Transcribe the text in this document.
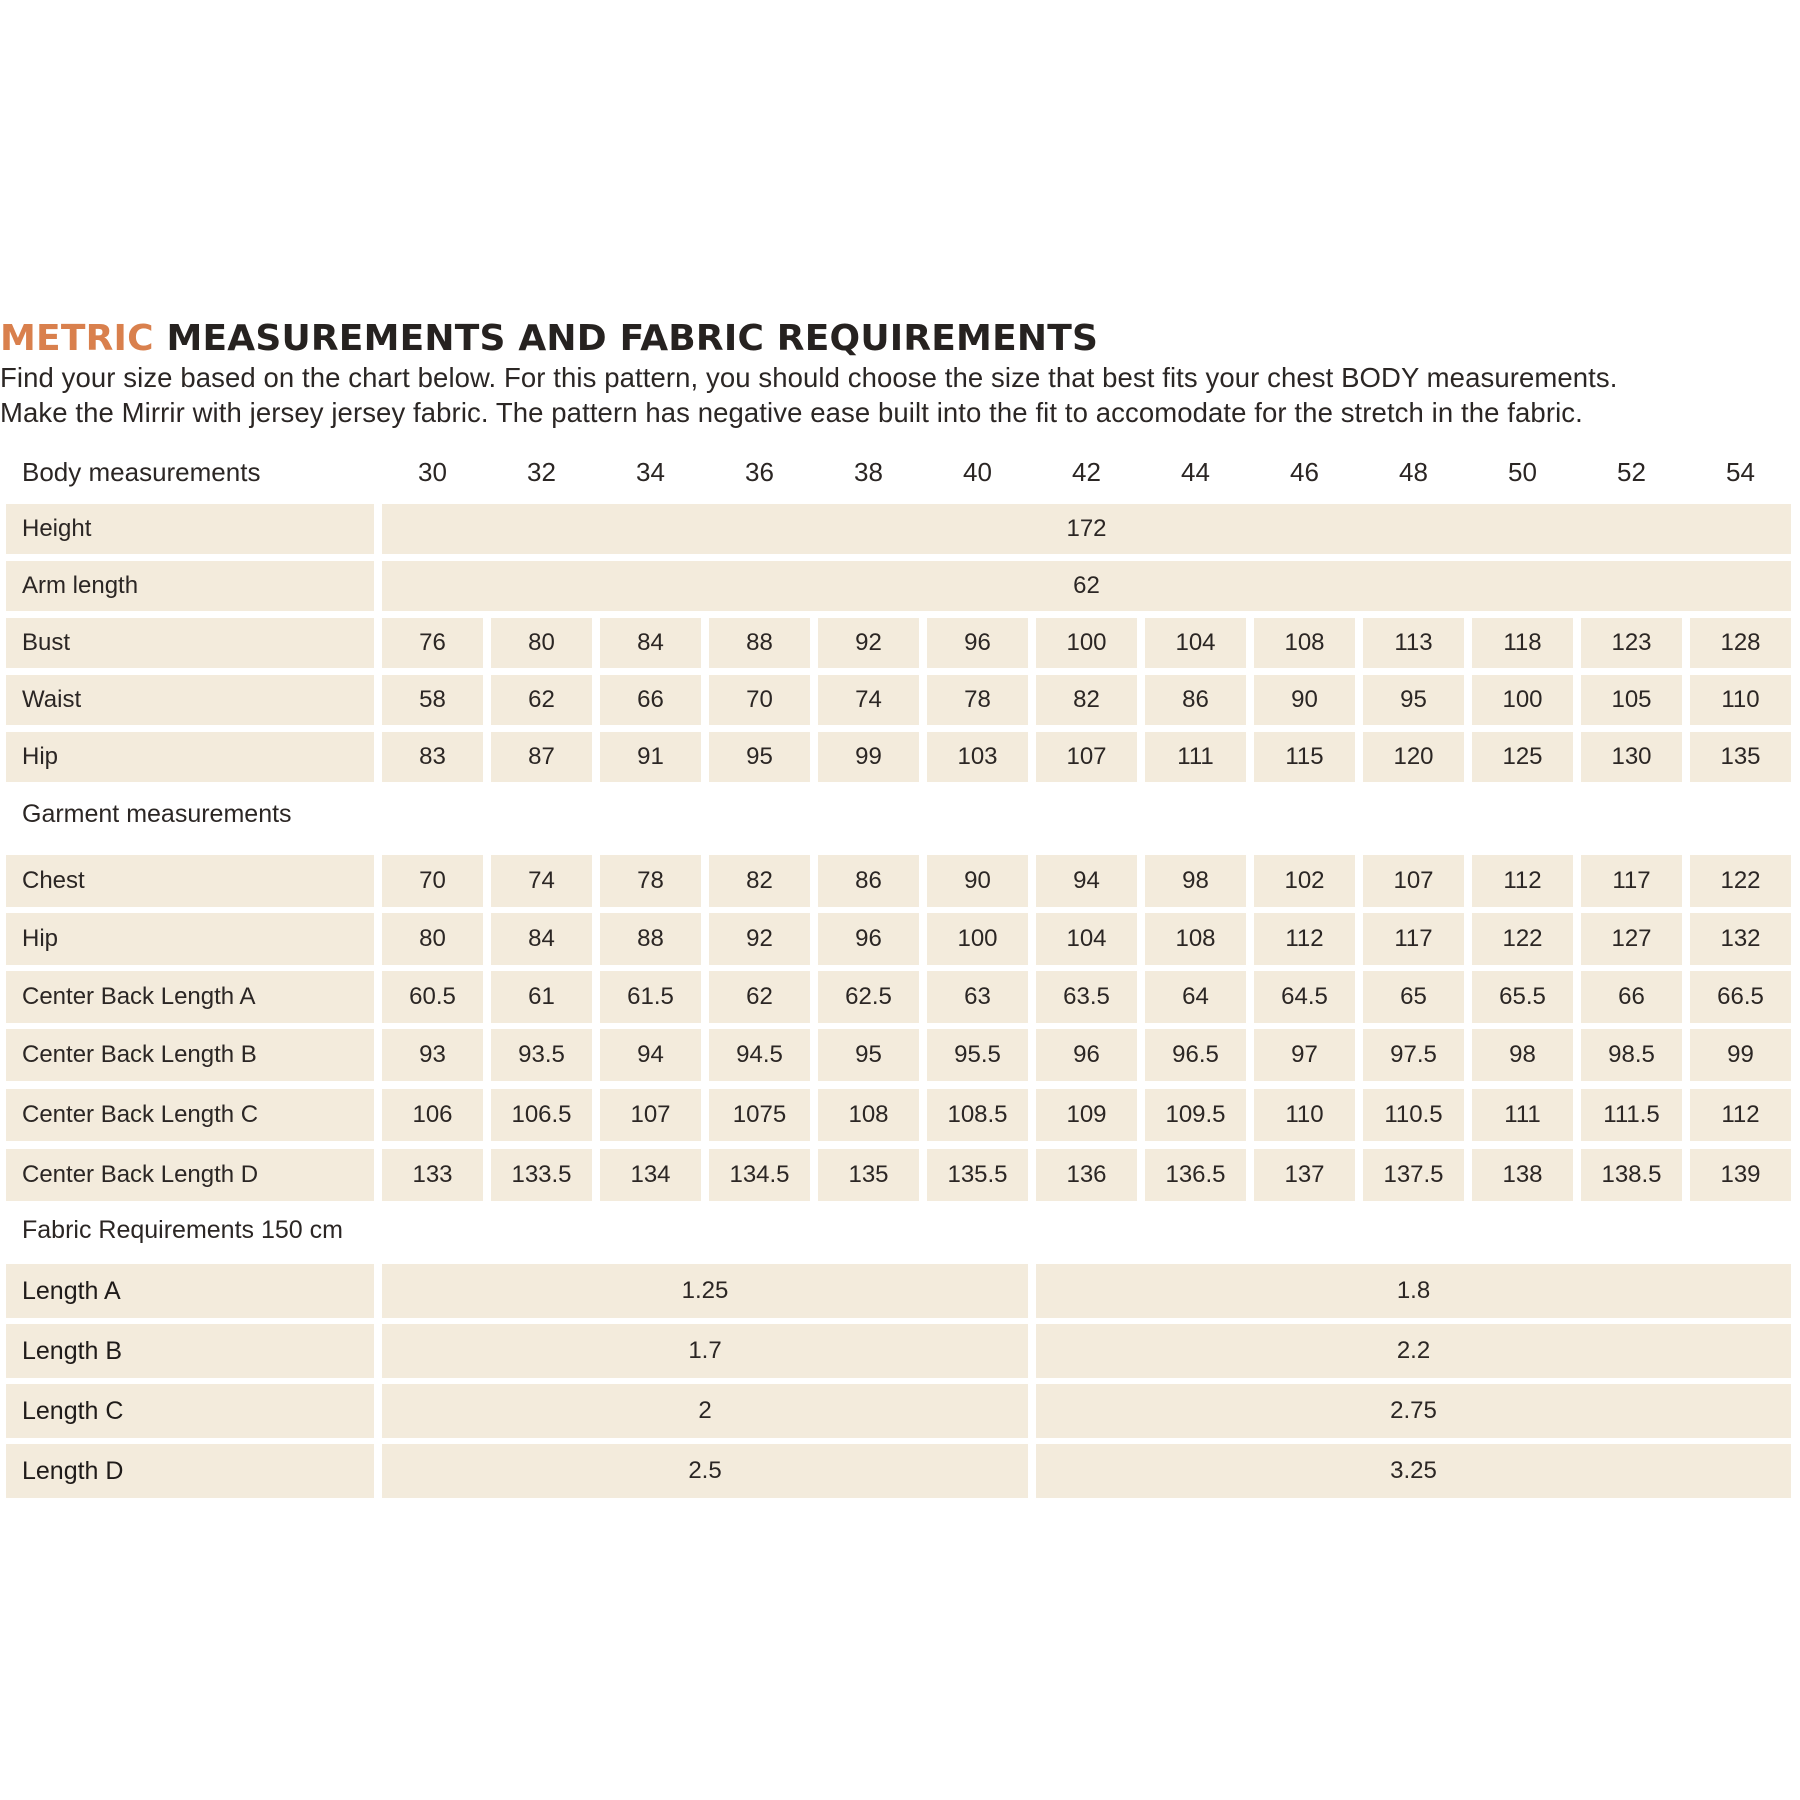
METRIC MEASUREMENTS AND FABRIC REQUIREMENTS
Find your size based on the chart below. For this pattern, you should choose the size that best fits your chest BODY measurements.
Make the Mirrir with jersey jersey fabric. The pattern has negative ease built into the fit to accomodate for the stretch in the fabric.
Body measurements	30	32	34	36	38	40	42	44	46	48	50	52	54
Height	172
Arm length	62
Bust	76	80	84	88	92	96	100	104	108	113	118	123	128
Waist	58	62	66	70	74	78	82	86	90	95	100	105	110
Hip	83	87	91	95	99	103	107	111	115	120	125	130	135
Garment measurements
Chest	70	74	78	82	86	90	94	98	102	107	112	117	122
Hip	80	84	88	92	96	100	104	108	112	117	122	127	132
Center Back Length A	60.5	61	61.5	62	62.5	63	63.5	64	64.5	65	65.5	66	66.5
Center Back Length B	93	93.5	94	94.5	95	95.5	96	96.5	97	97.5	98	98.5	99
Center Back Length C	106	106.5	107	1075	108	108.5	109	109.5	110	110.5	111	111.5	112
Center Back Length D	133	133.5	134	134.5	135	135.5	136	136.5	137	137.5	138	138.5	139
Fabric Requirements 150 cm
Length A	1.25	1.8
Length B	1.7	2.2
Length C	2	2.75
Length D	2.5	3.25
